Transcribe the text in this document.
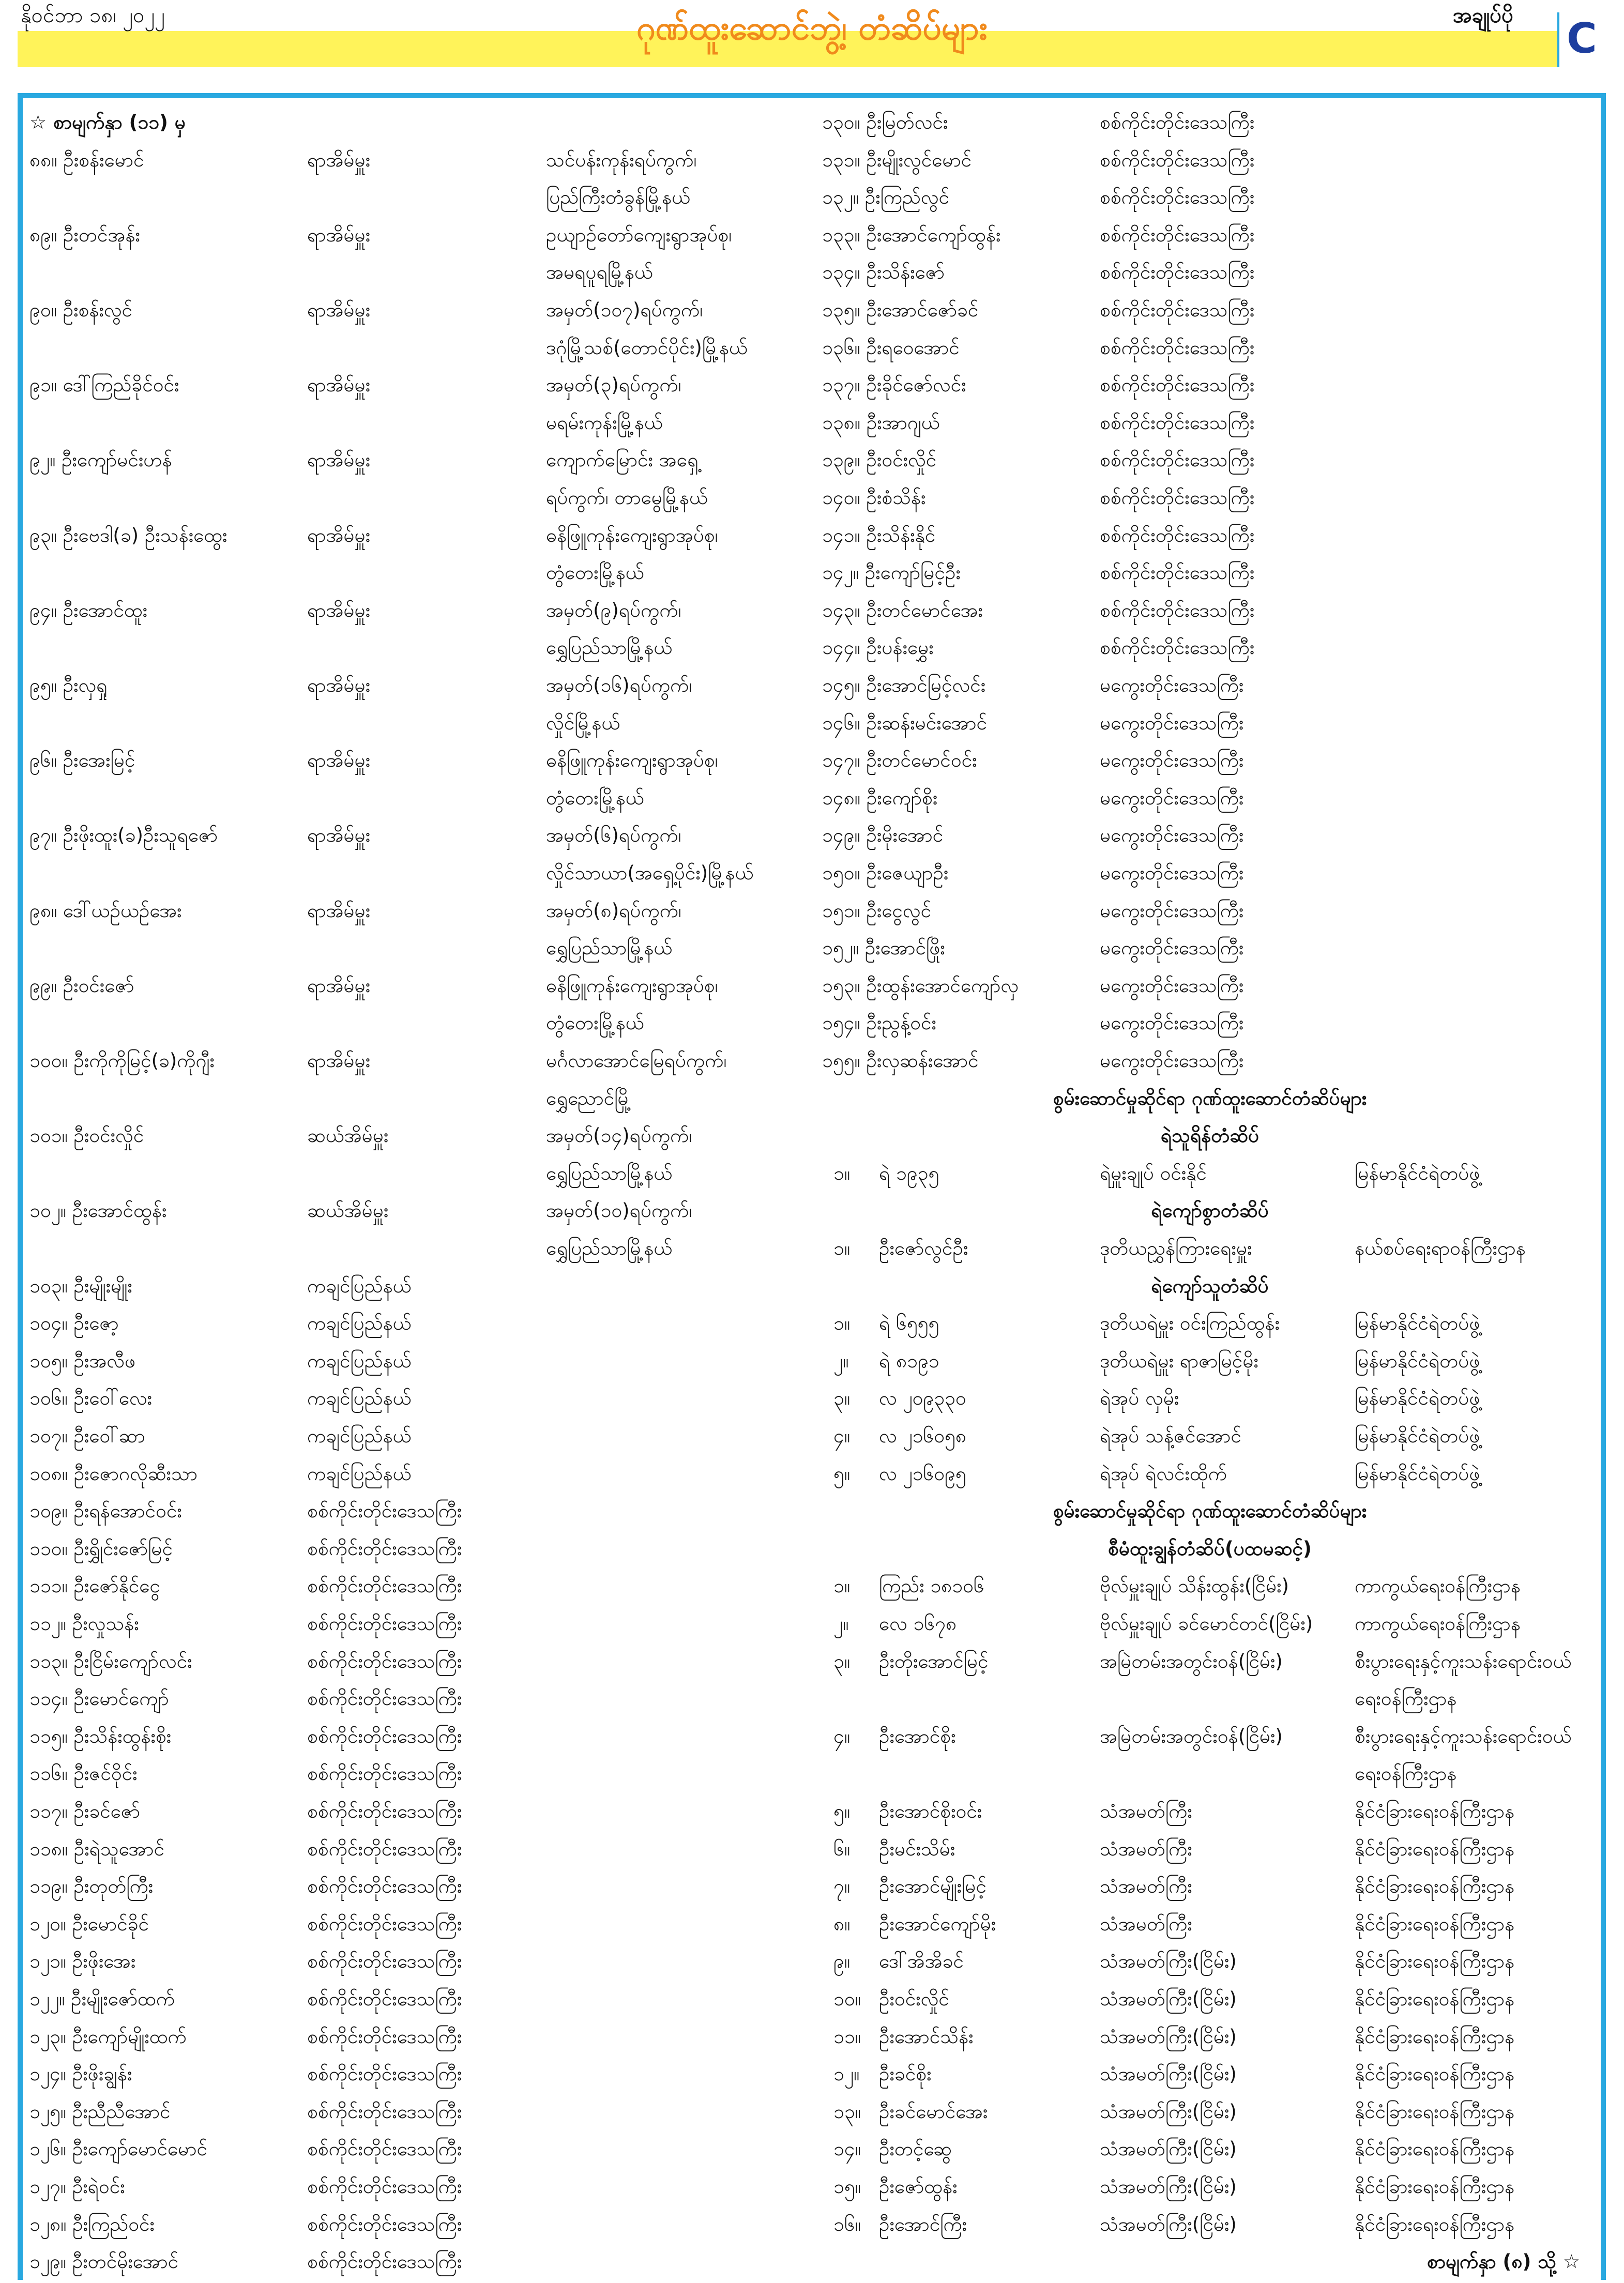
နိုဝင်ဘာ ၁၈၊ ၂၀၂၂	ဂုဏ်ထူးဆောင်ဘွဲ့၊ တံဆိပ်များ	အချုပ်ပို C
☆ စာမျက်နှာ (၁၁) မှ	၁၃၀။ ဦးမြတ်လင်း	စစ်ကိုင်းတိုင်းဒေသကြီး
၈၈။ ဦးစန်းမောင်	ရာအိမ်မှူး	သင်ပန်းကုန်းရပ်ကွက်၊	၁၃၁။ ဦးမျိုးလွင်မောင်	စစ်ကိုင်းတိုင်းဒေသကြီး
ပြည်ကြီးတံခွန်မြို့နယ်	၁၃၂။ ဦးကြည်လွင်	စစ်ကိုင်းတိုင်းဒေသကြီး
၈၉။ ဦးတင်အုန်း	ရာအိမ်မှူး	ဥယျာဉ်တော်ကျေးရွာအုပ်စု၊	၁၃၃။ ဦးအောင်ကျော်ထွန်း	စစ်ကိုင်းတိုင်းဒေသကြီး
အမရပူရမြို့နယ်	၁၃၄။ ဦးသိန်းဇော်	စစ်ကိုင်းတိုင်းဒေသကြီး
၉၀။ ဦးစန်းလွင်	ရာအိမ်မှူး	အမှတ်(၁၀၇)ရပ်ကွက်၊	၁၃၅။ ဦးအောင်ဇော်ခင်	စစ်ကိုင်းတိုင်းဒေသကြီး
ဒဂုံမြို့သစ်(တောင်ပိုင်း)မြို့နယ်	၁၃၆။ ဦးရဝေအောင်	စစ်ကိုင်းတိုင်းဒေသကြီး
၉၁။ ဒေါ်ကြည်ခိုင်ဝင်း	ရာအိမ်မှူး	အမှတ်(၃)ရပ်ကွက်၊	၁၃၇။ ဦးခိုင်ဇော်လင်း	စစ်ကိုင်းတိုင်းဒေသကြီး
မရမ်းကုန်းမြို့နယ်	၁၃၈။ ဦးအာဂျယ်	စစ်ကိုင်းတိုင်းဒေသကြီး
၉၂။ ဦးကျော်မင်းဟန်	ရာအိမ်မှူး	ကျောက်မြောင်း အရှေ့	၁၃၉။ ဦးဝင်းလှိုင်	စစ်ကိုင်းတိုင်းဒေသကြီး
ရပ်ကွက်၊ တာမွေမြို့နယ်	၁၄၀။ ဦးစံသိန်း	စစ်ကိုင်းတိုင်းဒေသကြီး
၉၃။ ဦးဗေဒါ(ခ) ဦးသန်းထွေး	ရာအိမ်မှူး	ဓနိဖြူကုန်းကျေးရွာအုပ်စု၊	၁၄၁။ ဦးသိန်းနိုင်	စစ်ကိုင်းတိုင်းဒေသကြီး
တွံတေးမြို့နယ်	၁၄၂။ ဦးကျော်မြင့်ဦး	စစ်ကိုင်းတိုင်းဒေသကြီး
၉၄။ ဦးအောင်ထူး	ရာအိမ်မှူး	အမှတ်(၉)ရပ်ကွက်၊	၁၄၃။ ဦးတင်မောင်အေး	စစ်ကိုင်းတိုင်းဒေသကြီး
ရွှေပြည်သာမြို့နယ်	၁၄၄။ ဦးပန်းမွှေး	စစ်ကိုင်းတိုင်းဒေသကြီး
၉၅။ ဦးလှရှု	ရာအိမ်မှူး	အမှတ်(၁၆)ရပ်ကွက်၊	၁၄၅။ ဦးအောင်မြင့်လင်း	မကွေးတိုင်းဒေသကြီး
လှိုင်မြို့နယ်	၁၄၆။ ဦးဆန်းမင်းအောင်	မကွေးတိုင်းဒေသကြီး
၉၆။ ဦးအေးမြင့်	ရာအိမ်မှူး	ဓနိဖြူကုန်းကျေးရွာအုပ်စု၊	၁၄၇။ ဦးတင်မောင်ဝင်း	မကွေးတိုင်းဒေသကြီး
တွံတေးမြို့နယ်	၁၄၈။ ဦးကျော်စိုး	မကွေးတိုင်းဒေသကြီး
၉၇။ ဦးဖိုးထူး(ခ)ဦးသူရဇော်	ရာအိမ်မှူး	အမှတ်(၆)ရပ်ကွက်၊	၁၄၉။ ဦးမိုးအောင်	မကွေးတိုင်းဒေသကြီး
လှိုင်သာယာ(အရှေ့ပိုင်း)မြို့နယ်	၁၅၀။ ဦးဇေယျာဦး	မကွေးတိုင်းဒေသကြီး
၉၈။ ဒေါ်ယဉ်ယဉ်အေး	ရာအိမ်မှူး	အမှတ်(၈)ရပ်ကွက်၊	၁၅၁။ ဦးငွေလွင်	မကွေးတိုင်းဒေသကြီး
ရွှေပြည်သာမြို့နယ်	၁၅၂။ ဦးအောင်ဖြိုး	မကွေးတိုင်းဒေသကြီး
၉၉။ ဦးဝင်းဇော်	ရာအိမ်မှူး	ဓနိဖြူကုန်းကျေးရွာအုပ်စု၊	၁၅၃။ ဦးထွန်းအောင်ကျော်လှ	မကွေးတိုင်းဒေသကြီး
တွံတေးမြို့နယ်	၁၅၄။ ဦးညွန့်ဝင်း	မကွေးတိုင်းဒေသကြီး
၁၀၀။ ဦးကိုကိုမြင့်(ခ)ကိုဂျီး	ရာအိမ်မှူး	မင်္ဂလာအောင်မြေရပ်ကွက်၊	၁၅၅။ ဦးလှဆန်းအောင်	မကွေးတိုင်းဒေသကြီး
ရွှေညောင်မြို့	စွမ်းဆောင်မှုဆိုင်ရာ ဂုဏ်ထူးဆောင်တံဆိပ်များ
၁၀၁။ ဦးဝင်းလှိုင်	ဆယ်အိမ်မှူး	အမှတ်(၁၄)ရပ်ကွက်၊	ရဲသူရိန်တံဆိပ်
ရွှေပြည်သာမြို့နယ်	၁။ ရဲ ၁၉၃၅	ရဲမှူးချုပ် ဝင်းနိုင်	မြန်မာနိုင်ငံရဲတပ်ဖွဲ့
၁၀၂။ ဦးအောင်ထွန်း	ဆယ်အိမ်မှူး	အမှတ်(၁၀)ရပ်ကွက်၊	ရဲကျော်စွာတံဆိပ်
ရွှေပြည်သာမြို့နယ်	၁။ ဦးဇော်လွင်ဦး	ဒုတိယညွှန်ကြားရေးမှူး	နယ်စပ်ရေးရာဝန်ကြီးဌာန
၁၀၃။ ဦးမျိုးမျိုး	ကချင်ပြည်နယ်	ရဲကျော်သူတံဆိပ်
၁၀၄။ ဦးဇော့	ကချင်ပြည်နယ်	၁။ ရဲ ၆၅၅၅	ဒုတိယရဲမှူး ဝင်းကြည်ထွန်း	မြန်မာနိုင်ငံရဲတပ်ဖွဲ့
၁၀၅။ ဦးအလီဖ	ကချင်ပြည်နယ်	၂။ ရဲ ၈၁၉၁	ဒုတိယရဲမှူး ရာဇာမြင့်မိုး	မြန်မာနိုင်ငံရဲတပ်ဖွဲ့
၁၀၆။ ဦးဝေါ်လေး	ကချင်ပြည်နယ်	၃။ လ ၂၀၉၃၃၀	ရဲအုပ် လှမိုး	မြန်မာနိုင်ငံရဲတပ်ဖွဲ့
၁၀၇။ ဦးဝေါ်ဆာ	ကချင်ပြည်နယ်	၄။ လ ၂၁၆၀၅၈	ရဲအုပ် သန့်ဇင်အောင်	မြန်မာနိုင်ငံရဲတပ်ဖွဲ့
၁၀၈။ ဦးဇောဂလိုဆီးသာ	ကချင်ပြည်နယ်	၅။ လ ၂၁၆၀၉၅	ရဲအုပ် ရဲလင်းထိုက်	မြန်မာနိုင်ငံရဲတပ်ဖွဲ့
၁၀၉။ ဦးရန်အောင်ဝင်း	စစ်ကိုင်းတိုင်းဒေသကြီး	စွမ်းဆောင်မှုဆိုင်ရာ ဂုဏ်ထူးဆောင်တံဆိပ်များ
၁၁၀။ ဦးရွှိုင်းဇော်မြင့်	စစ်ကိုင်းတိုင်းဒေသကြီး	စီမံထူးချွန်တံဆိပ်(ပထမဆင့်)
၁၁၁။ ဦးဇော်နိုင်ငွေ	စစ်ကိုင်းတိုင်းဒေသကြီး	၁။ ကြည်း ၁၈၁၀၆	ဗိုလ်မှူးချုပ် သိန်းထွန်း(ငြိမ်း)	ကာကွယ်ရေးဝန်ကြီးဌာန
၁၁၂။ ဦးလှုသန်း	စစ်ကိုင်းတိုင်းဒေသကြီး	၂။ လေ ၁၆၇၈	ဗိုလ်မှူးချုပ် ခင်မောင်တင်(ငြိမ်း) ကာကွယ်ရေးဝန်ကြီးဌာန
၁၁၃။ ဦးငြိမ်းကျော်လင်း	စစ်ကိုင်းတိုင်းဒေသကြီး	၃။ ဦးတိုးအောင်မြင့်	အမြဲတမ်းအတွင်းဝန်(ငြိမ်း)	စီးပွားရေးနှင့်ကူးသန်းရောင်းဝယ်
၁၁၄။ ဦးမောင်ကျော်	စစ်ကိုင်းတိုင်းဒေသကြီး	ရေးဝန်ကြီးဌာန
၁၁၅။ ဦးသိန်းထွန်းစိုး	စစ်ကိုင်းတိုင်းဒေသကြီး	၄။ ဦးအောင်စိုး	အမြဲတမ်းအတွင်းဝန်(ငြိမ်း)	စီးပွားရေးနှင့်ကူးသန်းရောင်းဝယ်
၁၁၆။ ဦးဇင်ဝိုင်း	စစ်ကိုင်းတိုင်းဒေသကြီး	ရေးဝန်ကြီးဌာန
၁၁၇။ ဦးခင်ဇော်	စစ်ကိုင်းတိုင်းဒေသကြီး	၅။ ဦးအောင်စိုးဝင်း	သံအမတ်ကြီး	နိုင်ငံခြားရေးဝန်ကြီးဌာန
၁၁၈။ ဦးရဲသူအောင်	စစ်ကိုင်းတိုင်းဒေသကြီး	၆။ ဦးမင်းသိမ်း	သံအမတ်ကြီး	နိုင်ငံခြားရေးဝန်ကြီးဌာန
၁၁၉။ ဦးတုတ်ကြီး	စစ်ကိုင်းတိုင်းဒေသကြီး	၇။ ဦးအောင်မျိုးမြင့်	သံအမတ်ကြီး	နိုင်ငံခြားရေးဝန်ကြီးဌာန
၁၂၀။ ဦးမောင်ခိုင်	စစ်ကိုင်းတိုင်းဒေသကြီး	၈။ ဦးအောင်ကျော်မိုး	သံအမတ်ကြီး	နိုင်ငံခြားရေးဝန်ကြီးဌာန
၁၂၁။ ဦးဖိုးအေး	စစ်ကိုင်းတိုင်းဒေသကြီး	၉။ ဒေါ်အိအိခင်	သံအမတ်ကြီး(ငြိမ်း)	နိုင်ငံခြားရေးဝန်ကြီးဌာန
၁၂၂။ ဦးမျိုးဇော်ထက်	စစ်ကိုင်းတိုင်းဒေသကြီး	၁၀။ ဦးဝင်းလှိုင်	သံအမတ်ကြီး(ငြိမ်း)	နိုင်ငံခြားရေးဝန်ကြီးဌာန
၁၂၃။ ဦးကျော်မျိုးထက်	စစ်ကိုင်းတိုင်းဒေသကြီး	၁၁။ ဦးအောင်သိန်း	သံအမတ်ကြီး(ငြိမ်း)	နိုင်ငံခြားရေးဝန်ကြီးဌာန
၁၂၄။ ဦးဖိုးချွန်း	စစ်ကိုင်းတိုင်းဒေသကြီး	၁၂။ ဦးခင်စိုး	သံအမတ်ကြီး(ငြိမ်း)	နိုင်ငံခြားရေးဝန်ကြီးဌာန
၁၂၅။ ဦးညီညီအောင်	စစ်ကိုင်းတိုင်းဒေသကြီး	၁၃။ ဦးခင်မောင်အေး	သံအမတ်ကြီး(ငြိမ်း)	နိုင်ငံခြားရေးဝန်ကြီးဌာန
၁၂၆။ ဦးကျော်မောင်မောင်	စစ်ကိုင်းတိုင်းဒေသကြီး	၁၄။ ဦးတင့်ဆွေ	သံအမတ်ကြီး(ငြိမ်း)	နိုင်ငံခြားရေးဝန်ကြီးဌာန
၁၂၇။ ဦးရဲဝင်း	စစ်ကိုင်းတိုင်းဒေသကြီး	၁၅။ ဦးဇော်ထွန်း	သံအမတ်ကြီး(ငြိမ်း)	နိုင်ငံခြားရေးဝန်ကြီးဌာန
၁၂၈။ ဦးကြည်ဝင်း	စစ်ကိုင်းတိုင်းဒေသကြီး	၁၆။ ဦးအောင်ကြီး	သံအမတ်ကြီး(ငြိမ်း)	နိုင်ငံခြားရေးဝန်ကြီးဌာန
၁၂၉။ ဦးတင်မိုးအောင်	စစ်ကိုင်းတိုင်းဒေသကြီး	စာမျက်နှာ (၈) သို့ ☆
